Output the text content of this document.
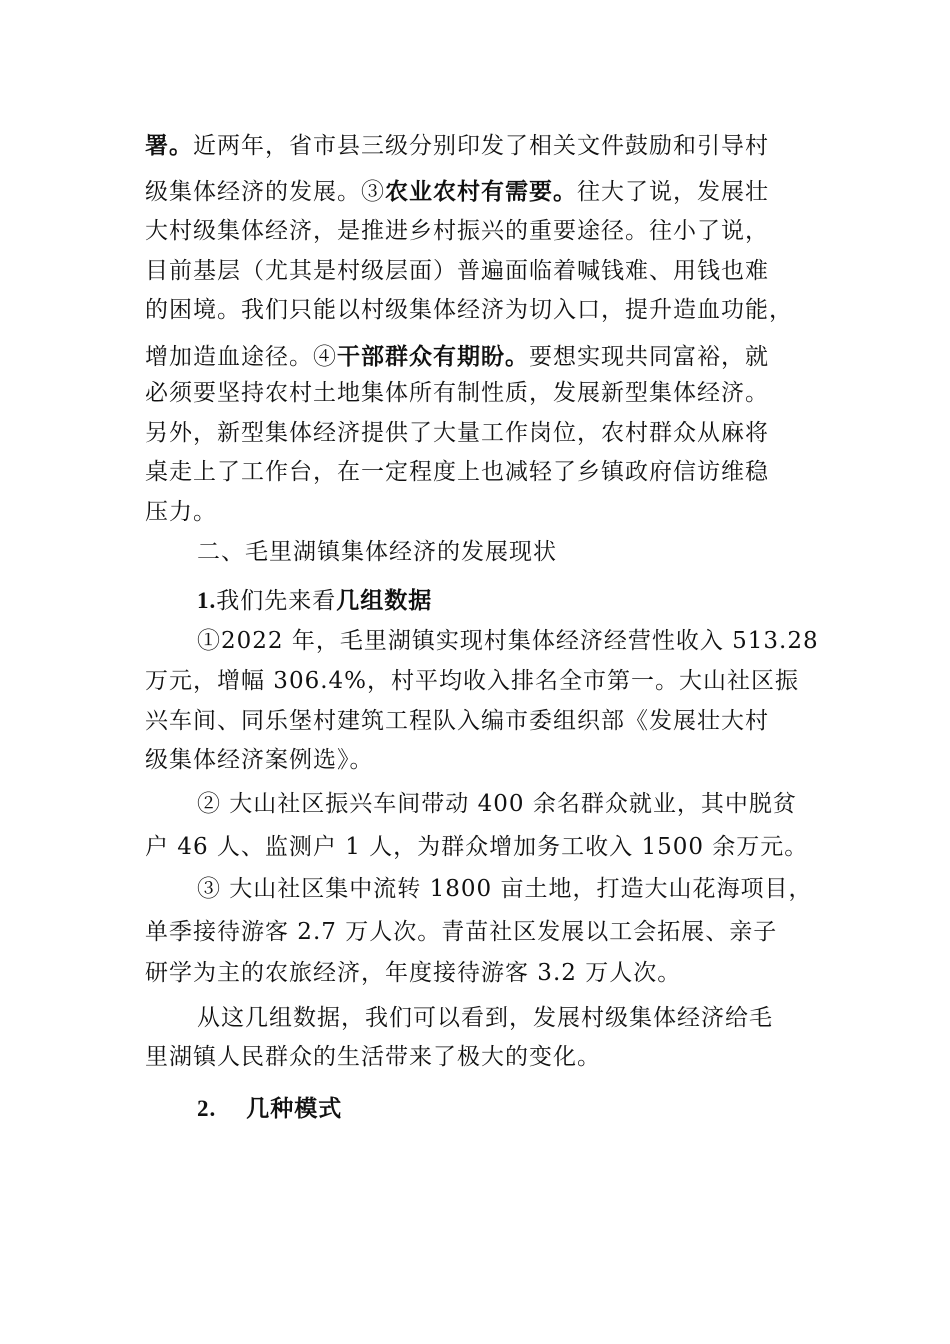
署。近两年，省市县三级分别印发了相关文件鼓励和引导村
级集体经济的发展。③农业农村有需要。往大了说，发展壮
大村级集体经济，是推进乡村振兴的重要途径。往小了说，
目前基层（尤其是村级层面）普遍面临着喊钱难、用钱也难
的困境。我们只能以村级集体经济为切入口，提升造血功能，
增加造血途径。④干部群众有期盼。要想实现共同富裕，就
必须要坚持农村土地集体所有制性质，发展新型集体经济。
另外，新型集体经济提供了大量工作岗位，农村群众从麻将
桌走上了工作台，在一定程度上也减轻了乡镇政府信访维稳
压力。
二、毛里湖镇集体经济的发展现状
1.我们先来看几组数据
①2022 年，毛里湖镇实现村集体经济经营性收入 513.28
万元，增幅 306.4%，村平均收入排名全市第一。大山社区振
兴车间、同乐堡村建筑工程队入编市委组织部《发展壮大村
级集体经济案例选》。
② 大山社区振兴车间带动 400 余名群众就业，其中脱贫
户 46 人、监测户 1 人，为群众增加务工收入 1500 余万元。
③ 大山社区集中流转 1800 亩土地，打造大山花海项目，
单季接待游客 2.7 万人次。青苗社区发展以工会拓展、亲子
研学为主的农旅经济，年度接待游客 3.2 万人次。
从这几组数据，我们可以看到，发展村级集体经济给毛
里湖镇人民群众的生活带来了极大的变化。
2. 几种模式
